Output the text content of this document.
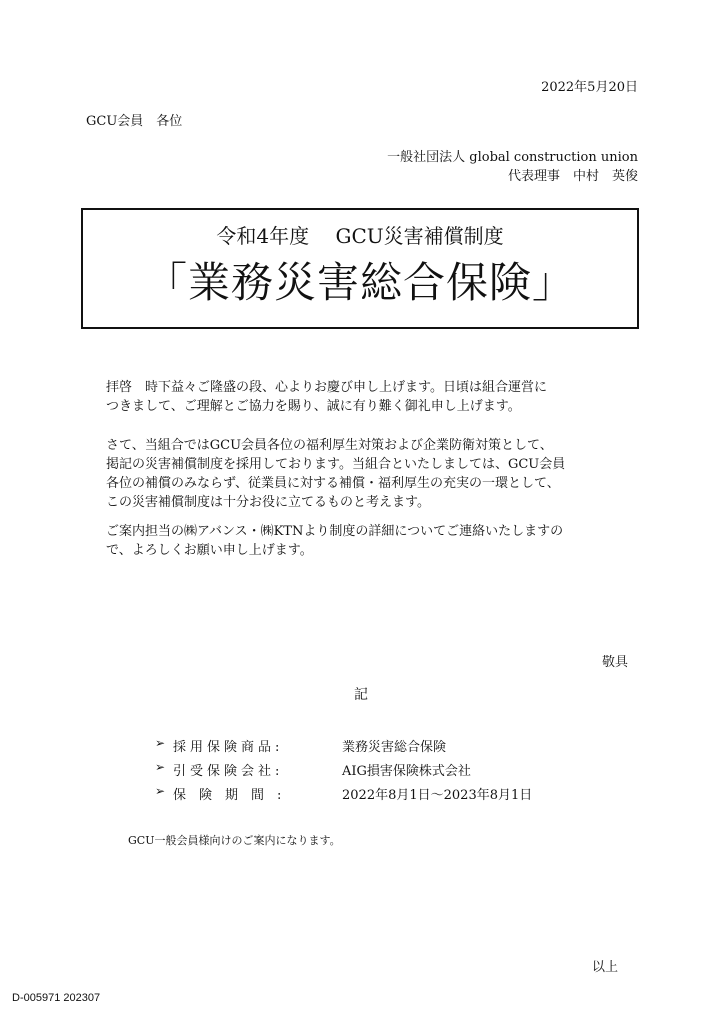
2022年5月20日
GCU会員　各位
一般社団法人 global construction union
代表理事　中村　英俊
令和4年度　 GCU災害補償制度
「業務災害総合保険」
拝啓　時下益々ご隆盛の段、心よりお慶び申し上げます。日頃は組合運営に
つきまして、ご理解とご協力を賜り、誠に有り難く御礼申し上げます。
さて、当組合ではGCU会員各位の福利厚生対策および企業防衛対策として、
掲記の災害補償制度を採用しております。当組合といたしましては、GCU会員
各位の補償のみならず、従業員に対する補償・福利厚生の充実の一環として、
この災害補償制度は十分お役に立てるものと考えます。
ご案内担当の㈱アバンス・㈱KTNより制度の詳細についてご連絡いたしますの
で、よろしくお願い申し上げます。
敬具
記
➢ 採用保険商品:	業務災害総合保険
➢ 引受保険会社:	AIG損害保険株式会社
➢ 保　険　期　間　:	2022年8月1日～2023年8月1日
GCU一般会員様向けのご案内になります。
以上
D-005971 202307
